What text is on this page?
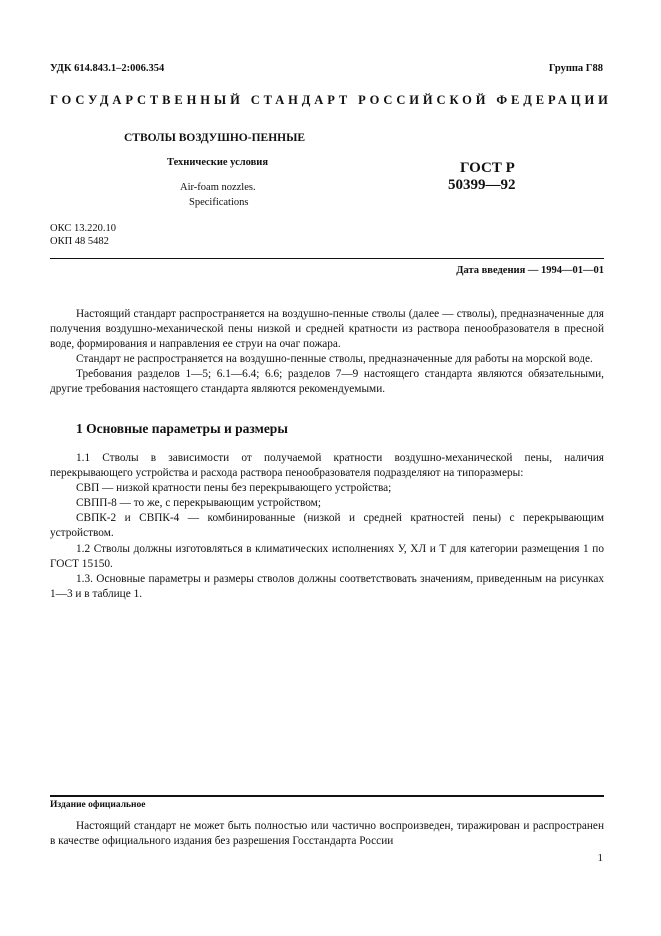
УДК 614.843.1–2:006.354	Группа Г88
ГОСУДАРСТВЕННЫЙ СТАНДАРТ РОССИЙСКОЙ ФЕДЕРАЦИИ
СТВОЛЫ ВОЗДУШНО-ПЕННЫЕ
Технические условия
Air-foam nozzles.
Specifications
ГОСТ Р
50399—92
ОКС 13.220.10
ОКП 48 5482
Дата введения — 1994—01—01

Настоящий стандарт распространяется на воздушно-пенные стволы (далее — стволы), предназначенные для получения воздушно-механической пены низкой и средней кратности из раствора пенообразователя в пресной воде, формирования и направления ее струи на очаг пожара.

Стандарт не распространяется на воздушно-пенные стволы, предназначенные для работы на морской воде.

Требования разделов 1—5; 6.1—6.4; 6.6; разделов 7—9 настоящего стандарта являются обязательными, другие требования настоящего стандарта являются рекомендуемыми.

1 Основные параметры и размеры

1.1 Стволы в зависимости от получаемой кратности воздушно-механической пены, наличия перекрывающего устройства и расхода раствора пенообразователя подразделяют на типоразмеры:

СВП — низкой кратности пены без перекрывающего устройства;

СВПП-8 — то же, с перекрывающим устройством;

СВПК-2 и СВПК-4 — комбинированные (низкой и средней кратностей пены) с перекрывающим устройством.

1.2 Стволы должны изготовляться в климатических исполнениях У, ХЛ и Т для категории размещения 1 по ГОСТ 15150.

1.3. Основные параметры и размеры стволов должны соответствовать значениям, приведенным на рисунках 1—3 и в таблице 1.

Издание официальное

Настоящий стандарт не может быть полностью или частично воспроизведен, тиражирован и распространен в качестве официального издания без разрешения Госстандарта России

1
